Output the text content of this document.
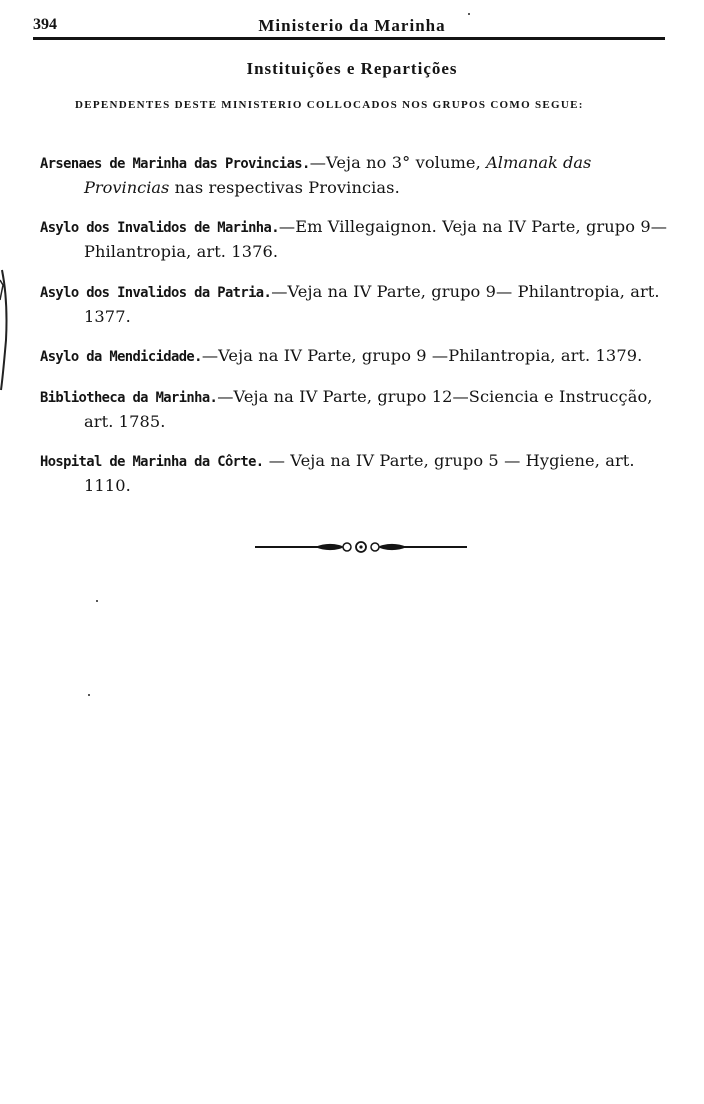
394	Ministerio da Marinha
Instituições e Repartições
DEPENDENTES DESTE MINISTERIO COLLOCADOS NOS GRUPOS COMO SEGUE:

Arsenaes de Marinha das Provincias.—Veja no 3° volume, Almanak das Provincias nas respectivas Provincias.

Asylo dos Invalidos de Marinha.—Em Villegaignon. Veja na IV Parte, grupo 9— Philantropia, art. 1376.

Asylo dos Invalidos da Patria.—Veja na IV Parte, grupo 9— Philantropia, art. 1377.

Asylo da Mendicidade.—Veja na IV Parte, grupo 9 —Philantropia, art. 1379.

Bibliotheca da Marinha.—Veja na IV Parte, grupo 12—Sciencia e Instrucção, art. 1785.

Hospital de Marinha da Côrte. — Veja na IV Parte, grupo 5 — Hygiene, art. 1110.
